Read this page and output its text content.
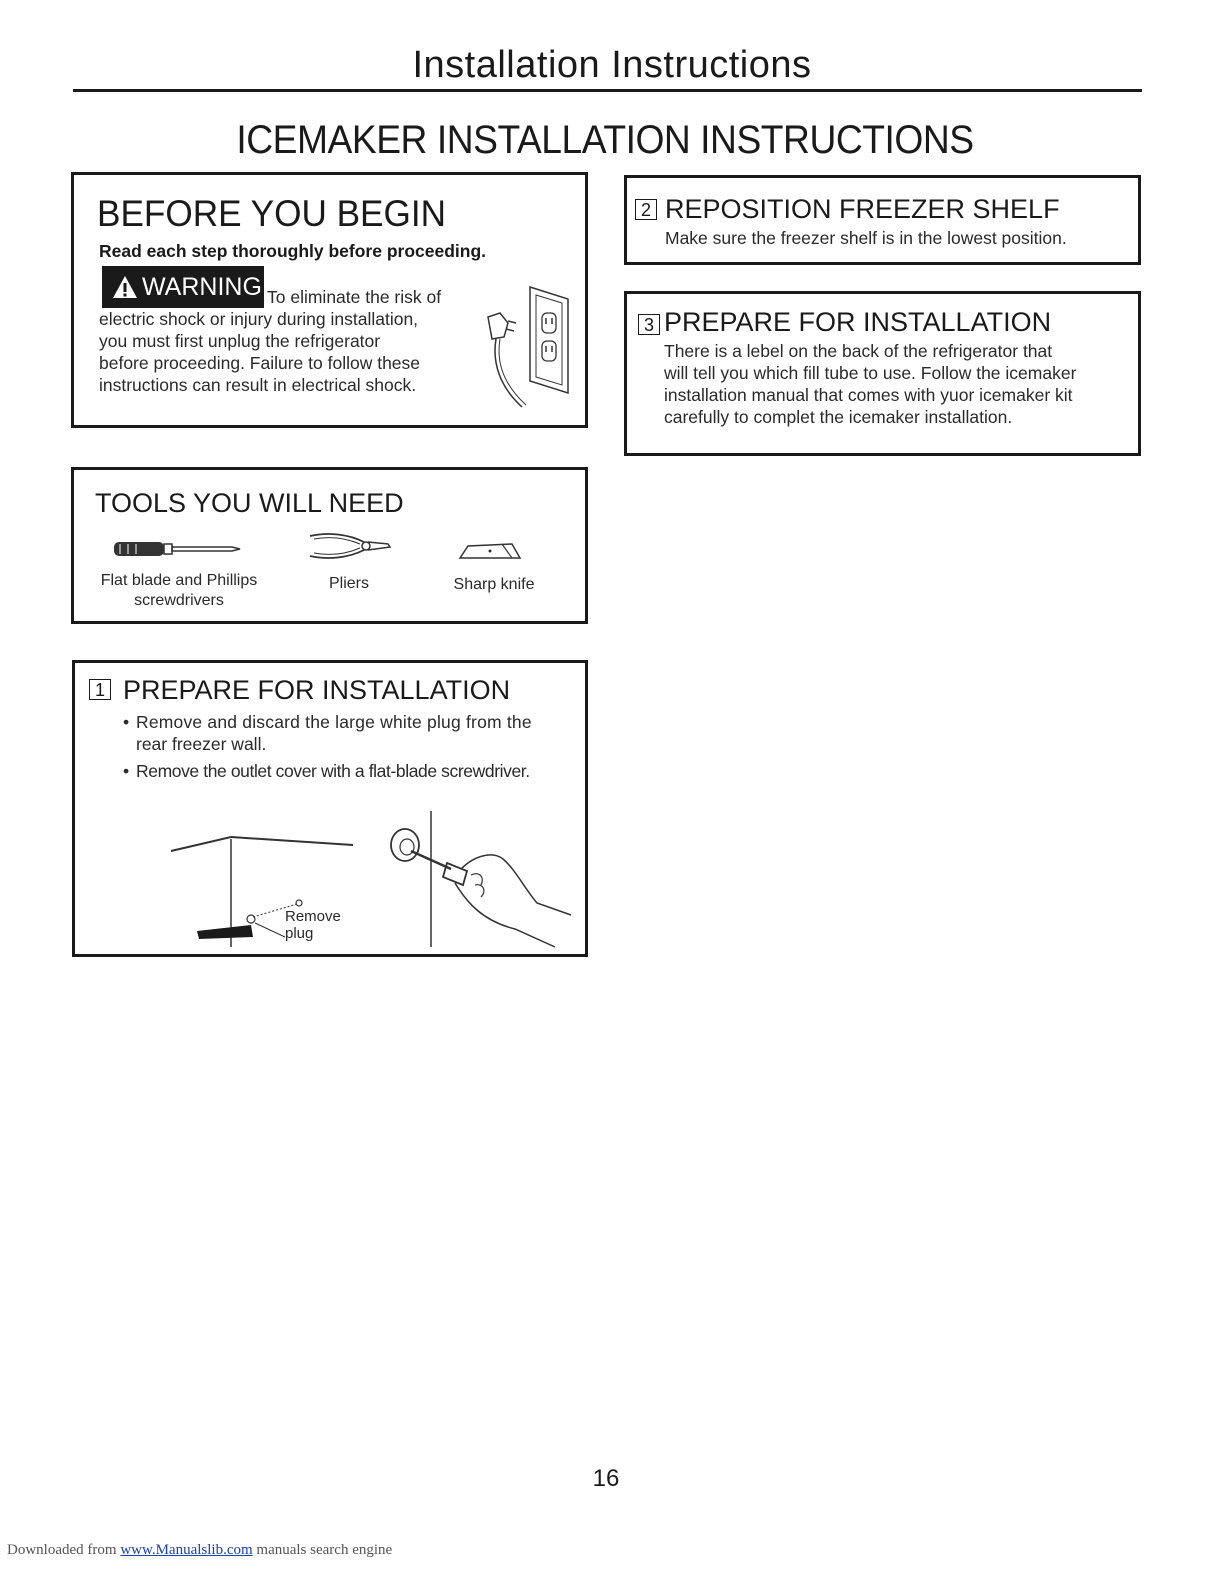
Installation Instructions
ICEMAKER INSTALLATION INSTRUCTIONS
BEFORE YOU BEGIN
Read each step thoroughly before proceeding.
WARNING To eliminate the risk of
electric shock or injury during installation,
you must first unplug the refrigerator
before proceeding. Failure to follow these
instructions can result in electrical shock.
TOOLS YOU WILL NEED
Flat blade and Phillips
screwdrivers
Pliers	Sharp knife
1 PREPARE FOR INSTALLATION
• Remove and discard the large white plug from the
rear freezer wall.
• Remove the outlet cover with a flat-blade screwdriver.
Remove
plug
2 REPOSITION FREEZER SHELF
Make sure the freezer shelf is in the lowest position.
3 PREPARE FOR INSTALLATION
There is a lebel on the back of the refrigerator that
will tell you which fill tube to use. Follow the icemaker
installation manual that comes with yuor icemaker kit
carefully to complet the icemaker installation.
16
Downloaded from www.Manualslib.com manuals search engine
